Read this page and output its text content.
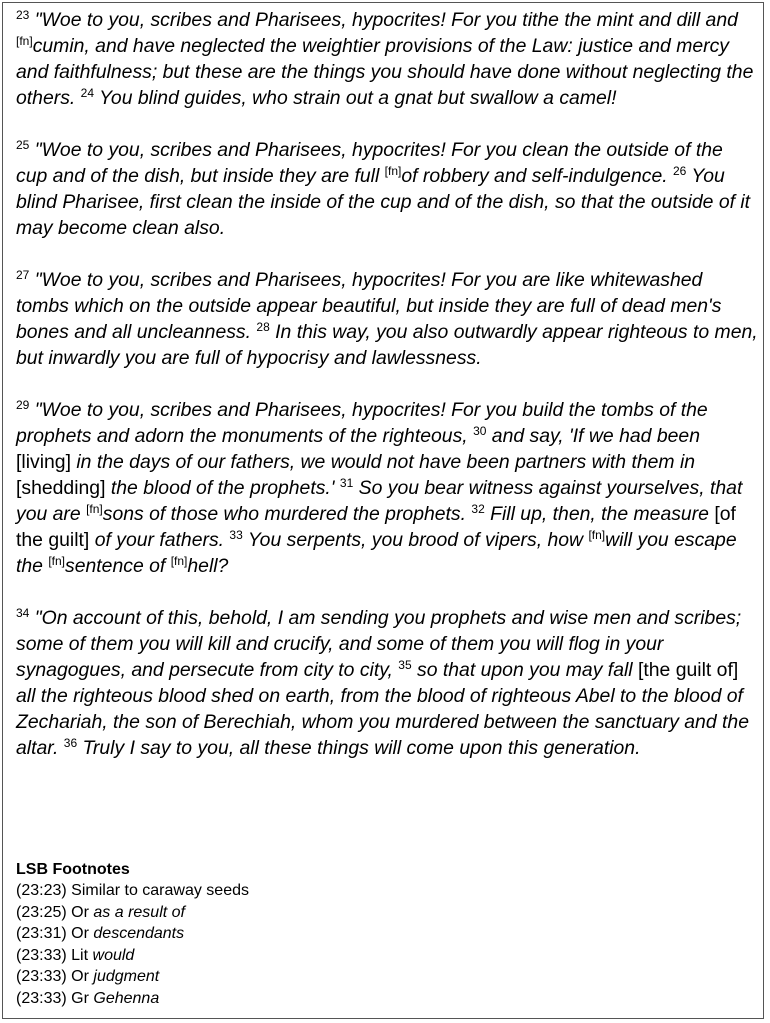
$^{23}$ "Woe to you, scribes and Pharisees, hypocrites! For you tithe the mint and dill and [fn]cumin, and have neglected the weightier provisions of the Law: justice and mercy and faithfulness; but these are the things you should have done without neglecting the others. $^{24}$ You blind guides, who strain out a gnat but swallow a camel!

$^{25}$ "Woe to you, scribes and Pharisees, hypocrites! For you clean the outside of the cup and of the dish, but inside they are full [fn]of robbery and self-indulgence. $^{26}$ You blind Pharisee, first clean the inside of the cup and of the dish, so that the outside of it may become clean also.

$^{27}$ "Woe to you, scribes and Pharisees, hypocrites! For you are like whitewashed tombs which on the outside appear beautiful, but inside they are full of dead men's bones and all uncleanness. $^{28}$ In this way, you also outwardly appear righteous to men, but inwardly you are full of hypocrisy and lawlessness.

$^{29}$ "Woe to you, scribes and Pharisees, hypocrites! For you build the tombs of the prophets and adorn the monuments of the righteous, $^{30}$ and say, 'If we had been [living] in the days of our fathers, we would not have been partners with them in [shedding] the blood of the prophets.' $^{31}$ So you bear witness against yourselves, that you are [fn]sons of those who murdered the prophets. $^{32}$ Fill up, then, the measure [of the guilt] of your fathers. $^{33}$ You serpents, you brood of vipers, how [fn]will you escape the [fn]sentence of [fn]hell?

$^{34}$ "On account of this, behold, I am sending you prophets and wise men and scribes; some of them you will kill and crucify, and some of them you will flog in your synagogues, and persecute from city to city, $^{35}$ so that upon you may fall [the guilt of] all the righteous blood shed on earth, from the blood of righteous Abel to the blood of Zechariah, the son of Berechiah, whom you murdered between the sanctuary and the altar. $^{36}$ Truly I say to you, all these things will come upon this generation.

LSB Footnotes

(23:23) Similar to caraway seeds

(23:25) Or as a result of

(23:31) Or descendants

(23:33) Lit would

(23:33) Or judgment

(23:33) Gr Gehenna
